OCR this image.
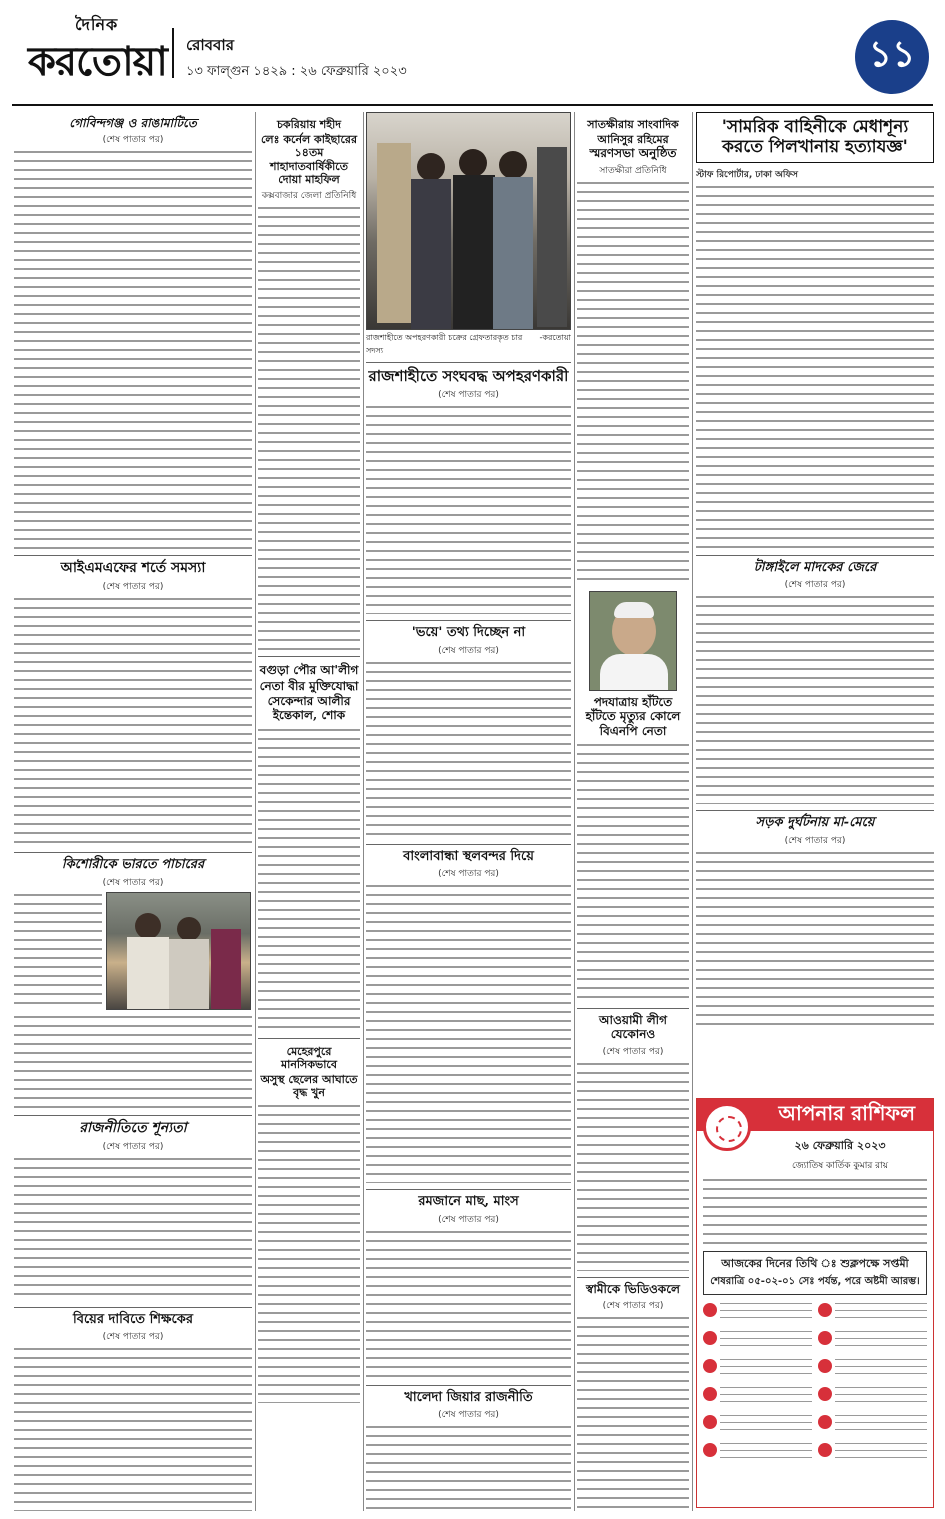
দৈনিক
করতোয়া রোববার
১৩ ফাল্গুন ১৪২৯ : ২৬ ফেব্রুয়ারি ২০২৩	১১
গোবিন্দগঞ্জ ও রাঙামাটিতে
(শেষ পাতার পর)
আইএমএফের শর্তে সমস্যা
(শেষ পাতার পর)
কিশোরীকে ভারতে পাচারের
(শেষ পাতার পর)
রাজনীতিতে শূন্যতা
(শেষ পাতার পর)
বিয়ের দাবিতে শিক্ষকের
(শেষ পাতার পর)
চকরিয়ায় শহীদ
লেঃ কর্নেল কাইছারের
১৪তম শাহাদাতবার্ষিকীতে
দোয়া মাহফিল
কক্সবাজার জেলা প্রতিনিধি
বগুড়া পৌর আ'লীগ
নেতা বীর মুক্তিযোদ্ধা
সেকেন্দার আলীর
ইন্তেকাল, শোক
মেহেরপুরে মানসিকভাবে
অসুস্থ ছেলের আঘাতে
বৃদ্ধ খুন
রাজশাহীতে অপহরণকারী চক্রের গ্রেফতারকৃত চার সদস্য
-করতোয়া
রাজশাহীতে সংঘবদ্ধ অপহরণকারী
(শেষ পাতার পর)
'ভয়ে' তথ্য দিচ্ছেন না
(শেষ পাতার পর)
বাংলাবান্ধা স্থলবন্দর দিয়ে
(শেষ পাতার পর)
রমজানে মাছ, মাংস
(শেষ পাতার পর)
খালেদা জিয়ার রাজনীতি
(শেষ পাতার পর)
সাতক্ষীরায় সাংবাদিক
আনিসুর রহিমের
স্মরণসভা অনুষ্ঠিত
সাতক্ষীরা প্রতিনিধি
পদযাত্রায় হাঁটতে
হাঁটতে মৃত্যুর কোলে
বিএনপি নেতা
আওয়ামী লীগ যেকোনও
(শেষ পাতার পর)
স্বামীকে ভিডিওকলে
(শেষ পাতার পর)
'সামরিক বাহিনীকে মেধাশূন্য
করতে পিলখানায় হত্যাযজ্ঞ'
স্টাফ রিপোর্টার, ঢাকা অফিস
টাঙ্গাইলে মাদকের জেরে
(শেষ পাতার পর)
সড়ক দুর্ঘটনায় মা-মেয়ে
(শেষ পাতার পর)
আপনার রাশিফল
২৬ ফেব্রুয়ারি ২০২৩
জ্যোতিষ কার্তিক কুমার রায়
আজকের দিনের তিথি ঃ শুক্লপক্ষে সপ্তমী
শেষরাত্রি ০৫-০২-০১ সেঃ পর্যন্ত, পরে অষ্টমী আরম্ভ।
